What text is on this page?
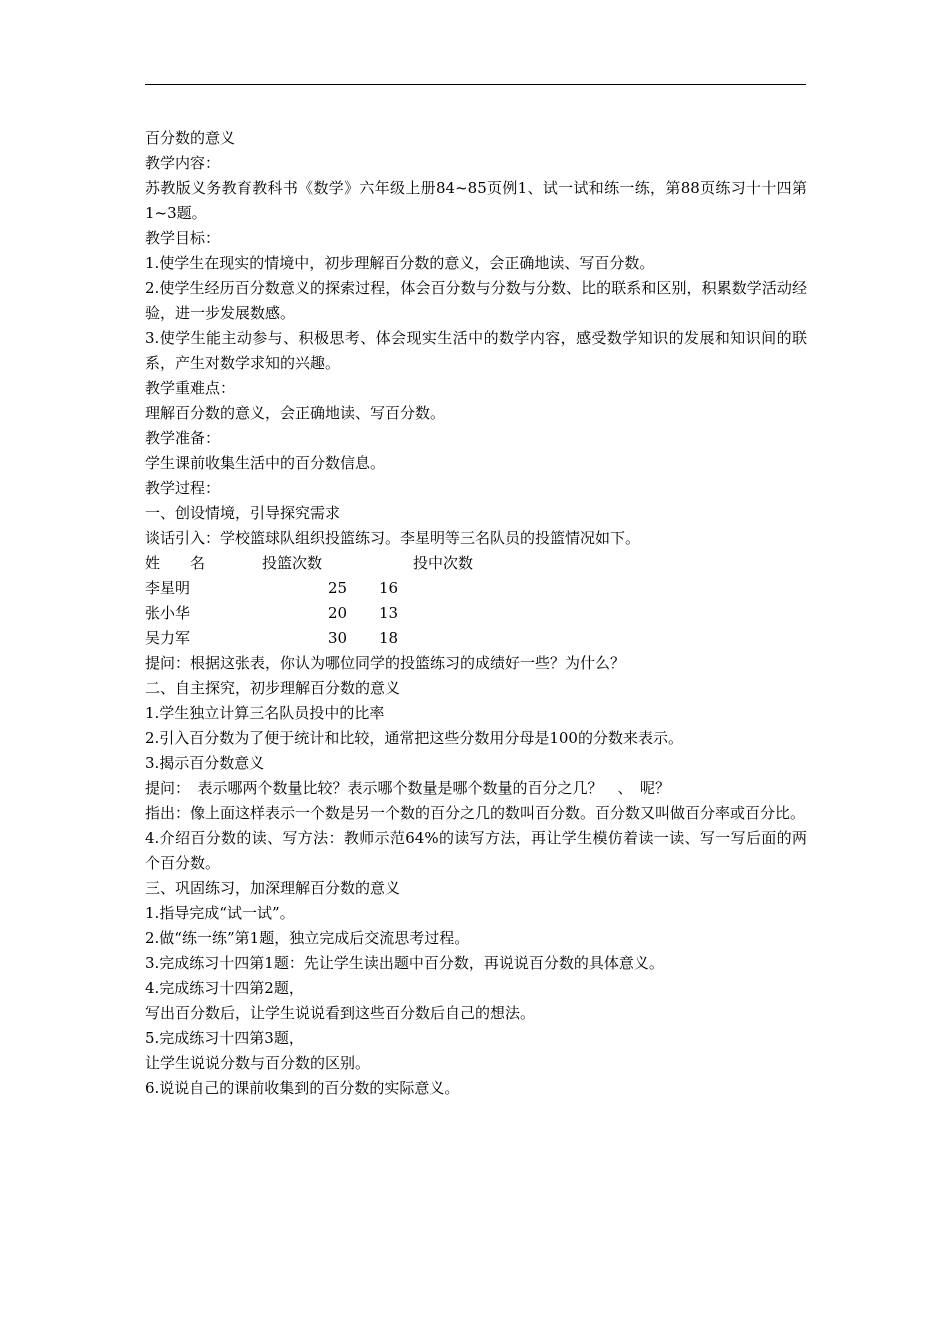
百分数的意义
教学内容：
苏教版义务教育教科书《数学》六年级上册84~85页例1、试一试和练一练，第88页练习十十四第1~3题。
教学目标：
1.使学生在现实的情境中，初步理解百分数的意义，会正确地读、写百分数。
2.使学生经历百分数意义的探索过程，体会百分数与分数与分数、比的联系和区别，积累数学活动经验，进一步发展数感。
3.使学生能主动参与、积极思考、体会现实生活中的数学内容，感受数学知识的发展和知识间的联系，产生对数学求知的兴趣。
教学重难点：
理解百分数的意义，会正确地读、写百分数。
教学准备：
学生课前收集生活中的百分数信息。
教学过程：
一、创设情境，引导探究需求
谈话引入：学校篮球队组织投篮练习。李星明等三名队员的投篮情况如下。
姓　　名	投篮次数	投中次数
李星明	25 16
张小华	20 13
吴力军	30 18
提问：根据这张表，你认为哪位同学的投篮练习的成绩好一些？为什么？
二、自主探究，初步理解百分数的意义
1.学生独立计算三名队员投中的比率
2.引入百分数为了便于统计和比较，通常把这些分数用分母是100的分数来表示。
3.揭示百分数意义
提问：　表示哪两个数量比较？表示哪个数量是哪个数量的百分之几？　、　呢？
指出：像上面这样表示一个数是另一个数的百分之几的数叫百分数。百分数又叫做百分率或百分比。
4.介绍百分数的读、写方法：教师示范64%的读写方法，再让学生模仿着读一读、写一写后面的两个百分数。
三、巩固练习，加深理解百分数的意义
1.指导完成“试一试”。
2.做“练一练”第1题，独立完成后交流思考过程。
3.完成练习十四第1题：先让学生读出题中百分数，再说说百分数的具体意义。
4.完成练习十四第2题，
写出百分数后，让学生说说看到这些百分数后自己的想法。
5.完成练习十四第3题，
让学生说说分数与百分数的区别。
6.说说自己的课前收集到的百分数的实际意义。
